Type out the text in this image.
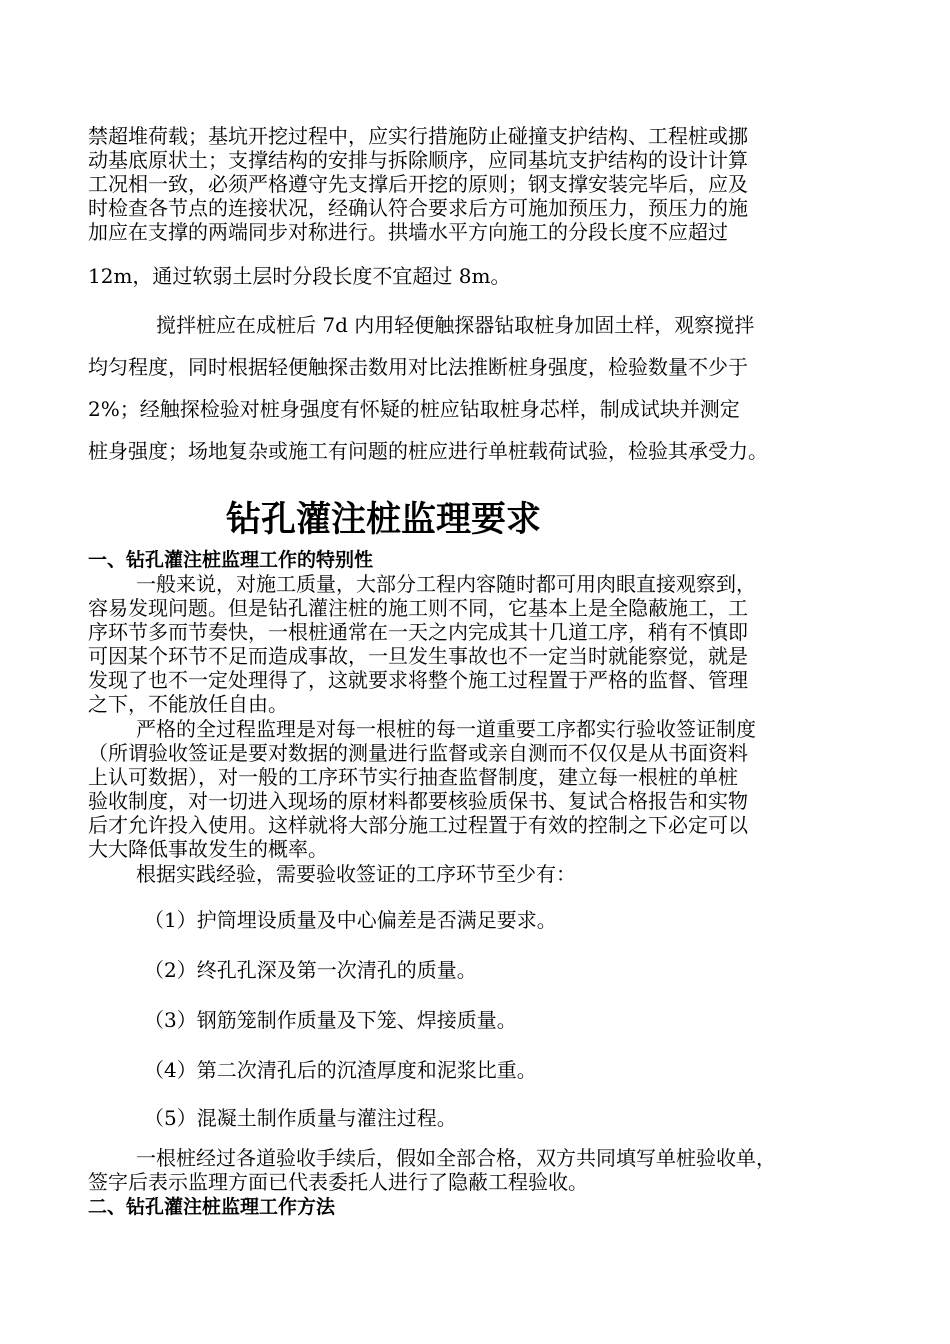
禁超堆荷载；基坑开挖过程中，应实行措施防止碰撞支护结构、工程桩或挪
动基底原状土；支撑结构的安排与拆除顺序，应同基坑支护结构的设计计算
工况相一致，必须严格遵守先支撑后开挖的原则；钢支撑安装完毕后，应及
时检查各节点的连接状况，经确认符合要求后方可施加预压力，预压力的施
加应在支撑的两端同步对称进行。拱墙水平方向施工的分段长度不应超过
12m，通过软弱土层时分段长度不宜超过 8m。
搅拌桩应在成桩后 7d 内用轻便触探器钻取桩身加固土样，观察搅拌
均匀程度，同时根据轻便触探击数用对比法推断桩身强度，检验数量不少于
2%；经触探检验对桩身强度有怀疑的桩应钻取桩身芯样，制成试块并测定
桩身强度；场地复杂或施工有问题的桩应进行单桩载荷试验，检验其承受力。
钻孔灌注桩监理要求
一、钻孔灌注桩监理工作的特别性
一般来说，对施工质量，大部分工程内容随时都可用肉眼直接观察到，
容易发现问题。但是钻孔灌注桩的施工则不同，它基本上是全隐蔽施工，工
序环节多而节奏快，一根桩通常在一天之内完成其十几道工序，稍有不慎即
可因某个环节不足而造成事故，一旦发生事故也不一定当时就能察觉，就是
发现了也不一定处理得了，这就要求将整个施工过程置于严格的监督、管理
之下，不能放任自由。
严格的全过程监理是对每一根桩的每一道重要工序都实行验收签证制度
（所谓验收签证是要对数据的测量进行监督或亲自测而不仅仅是从书面资料
上认可数据），对一般的工序环节实行抽查监督制度，建立每一根桩的单桩
验收制度，对一切进入现场的原材料都要核验质保书、复试合格报告和实物
后才允许投入使用。这样就将大部分施工过程置于有效的控制之下必定可以
大大降低事故发生的概率。
根据实践经验，需要验收签证的工序环节至少有：
（1）护筒埋设质量及中心偏差是否满足要求。
（2）终孔孔深及第一次清孔的质量。
（3）钢筋笼制作质量及下笼、焊接质量。
（4）第二次清孔后的沉渣厚度和泥浆比重。
（5）混凝土制作质量与灌注过程。
一根桩经过各道验收手续后，假如全部合格，双方共同填写单桩验收单，
签字后表示监理方面已代表委托人进行了隐蔽工程验收。
二、钻孔灌注桩监理工作方法
